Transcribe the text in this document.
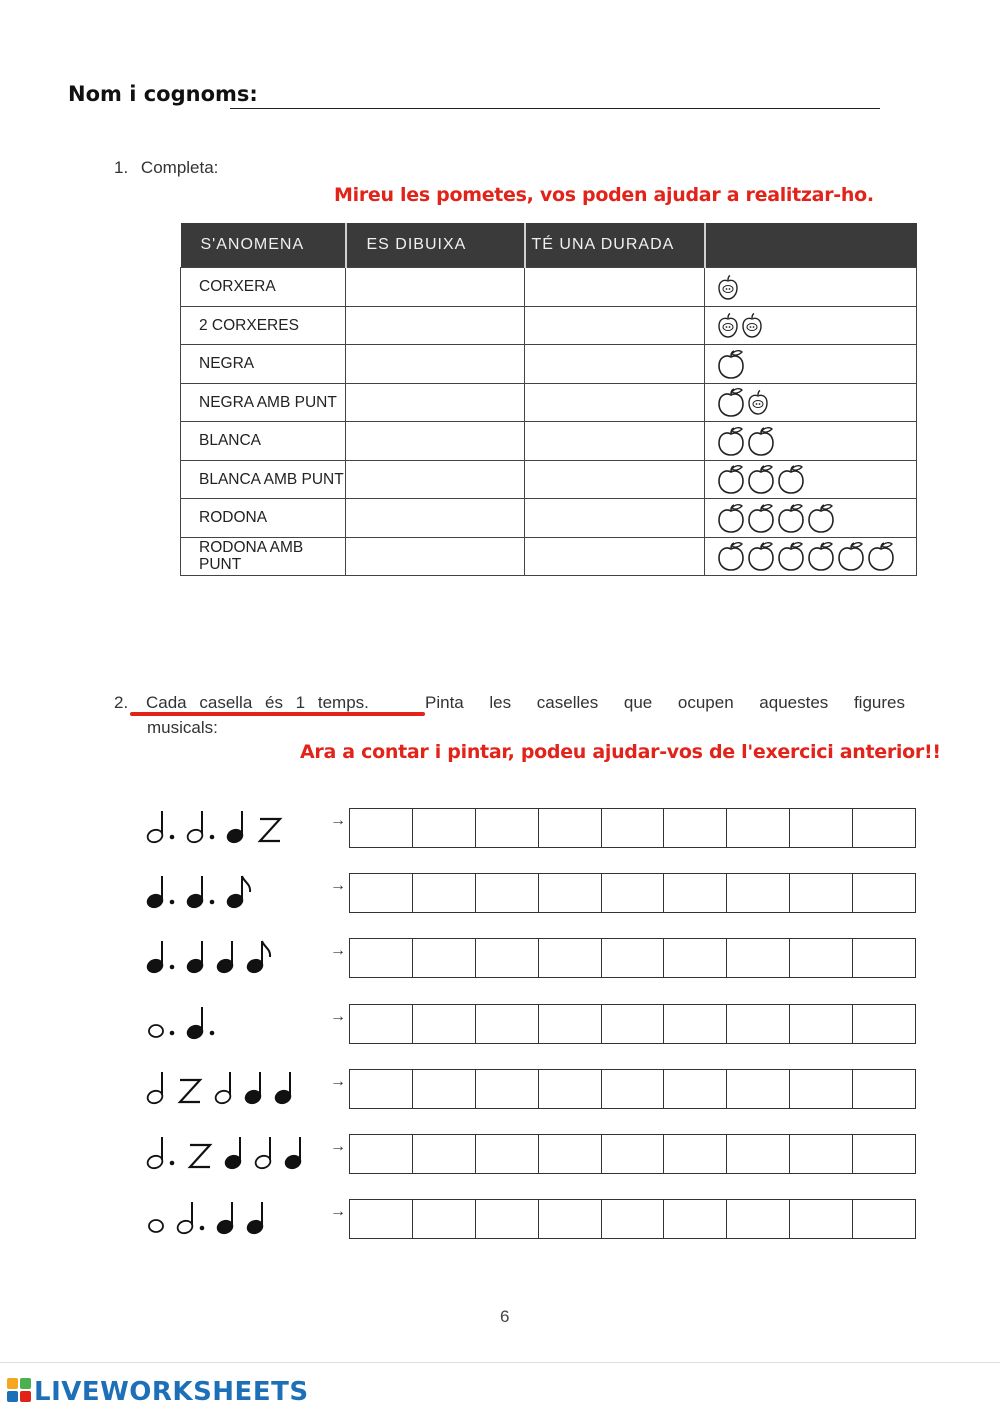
Nom i cognoms:
1. Completa:
Mireu les pometes, vos poden ajudar a realitzar-ho.
S'ANOMENA	ES DIBUIXA	TÉ UNA DURADA	
CORXERA			

2 CORXERES			

NEGRA			

NEGRA AMB PUNT			

BLANCA			

BLANCA AMB PUNT			

RODONA			

RODONA AMB PUNT			
2. Cada casella és 1 temps.	Pinta les caselles que ocupen aquestes figures
musicals:
Ara a contar i pintar, podeu ajudar-vos de l'exercici anterior!!
→
→
→
→
→
→
→
6
LIVEWORKSHEETS
